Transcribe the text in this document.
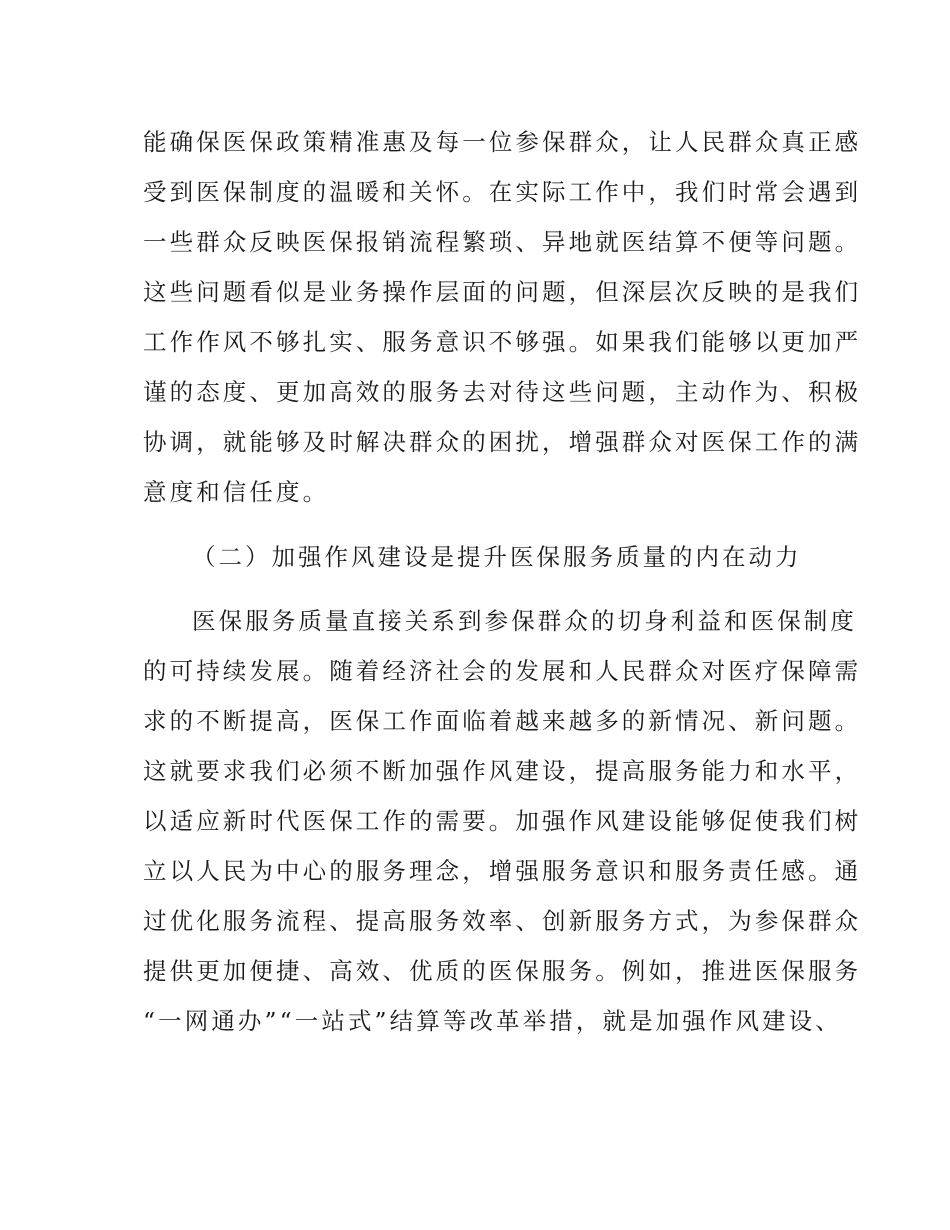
能确保医保政策精准惠及每一位参保群众，让人民群众真正感
受到医保制度的温暖和关怀。在实际工作中，我们时常会遇到
一些群众反映医保报销流程繁琐、异地就医结算不便等问题。
这些问题看似是业务操作层面的问题，但深层次反映的是我们
工作作风不够扎实、服务意识不够强。如果我们能够以更加严
谨的态度、更加高效的服务去对待这些问题，主动作为、积极
协调，就能够及时解决群众的困扰，增强群众对医保工作的满
意度和信任度。
（二）加强作风建设是提升医保服务质量的内在动力
医保服务质量直接关系到参保群众的切身利益和医保制度
的可持续发展。随着经济社会的发展和人民群众对医疗保障需
求的不断提高，医保工作面临着越来越多的新情况、新问题。
这就要求我们必须不断加强作风建设，提高服务能力和水平，
以适应新时代医保工作的需要。加强作风建设能够促使我们树
立以人民为中心的服务理念，增强服务意识和服务责任感。通
过优化服务流程、提高服务效率、创新服务方式，为参保群众
提供更加便捷、高效、优质的医保服务。例如，推进医保服务
“一网通办”“一站式”结算等改革举措，就是加强作风建设、
